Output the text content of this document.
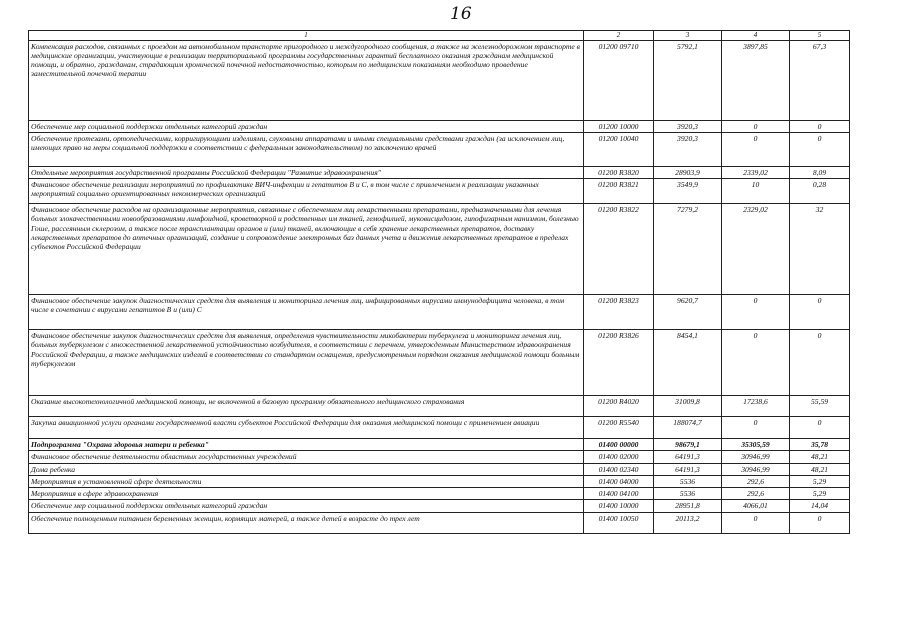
16
1	2	3	4	5
Компенсация расходов, связанных с проездом на автомобильном транспорте пригородного и междугородного сообщения, а также на железнодорожном транспорте в медицинские организации, участвующие в реализации территориальной программы государственных гарантий бесплатного оказания гражданам медицинской помощи, и обратно, гражданам, страдающим хронической почечной недостаточностью, которым по медицинским показаниям необходимо проведение заместительной почечной терапии	01200 09710	5792,1	3897,85	67,3
Обеспечение мер социальной поддержки отдельных категорий граждан	01200 10000	3920,3	0	0
Обеспечение протезами, ортопедическими, корригирующими изделиями, слуховыми аппаратами и иными специальными средствами граждан (за исключением лиц, имеющих право на меры социальной поддержки в соответствии с федеральным законодательством) по заключению врачей	01200 10040	3920,3	0	0
Отдельные мероприятия государственной программы Российской Федерации "Развитие здравоохранения"	01200 R3820	28903,9	2339,02	8,09
Финансовое обеспечение реализации мероприятий по профилактике ВИЧ-инфекции и гепатитов В и С, в том числе с привлечением к реализации указанных мероприятий социально ориентированных некоммерческих организаций	01200 R3821	3549,9	10	0,28
Финансовое обеспечение расходов на организационные мероприятия, связанные с обеспечением лиц лекарственными препаратами, предназначенными для лечения больных злокачественными новообразованиями лимфоидной, кроветворной и родственных им тканей, гемофилией, муковисцидозом, гипофизарным нанизмом, болезнью Гоше, рассеянным склерозом, а также после трансплантации органов и (или) тканей, включающие в себя хранение лекарственных препаратов, доставку лекарственных препаратов до аптечных организаций, создание и сопровождение электронных баз данных учета и движения лекарственных препаратов в пределах субъектов Российской Федерации	01200 R3822	7279,2	2329,02	32
Финансовое обеспечение закупок диагностических средств для выявления и мониторинга лечения лиц, инфицированных вирусами иммунодефицита человека, в том числе в сочетании с вирусами гепатитов В и (или) С	01200 R3823	9620,7	0	0
Финансовое обеспечение закупок диагностических средств для выявления, определения чувствительности микобактерии туберкулеза и мониторинга лечения лиц, больных туберкулезом с множественной лекарственной устойчивостью возбудителя, в соответствии с перечнем, утвержденным Министерством здравоохранения Российской Федерации, а также медицинских изделий в соответствии со стандартом оснащения, предусмотренным порядком оказания медицинской помощи больным туберкулезом	01200 R3826	8454,1	0	0
Оказание высокотехнологичной медицинской помощи, не включенной в базовую программу обязательного медицинского страхования	01200 R4020	31009,8	17238,6	55,59
Закупка авиационной услуги органами государственной власти субъектов Российской Федерации для оказания медицинской помощи с применением авиации	01200 R5540	188074,7	0	0
Подпрограмма "Охрана здоровья матери и ребенка"	01400 00000	98679,1	35305,59	35,78
Финансовое обеспечение деятельности областных государственных учреждений	01400 02000	64191,3	30946,99	48,21
Дома ребенка	01400 02340	64191,3	30946,99	48,21
Мероприятия в установленной сфере деятельности	01400 04000	5536	292,6	5,29
Мероприятия в сфере здравоохранения	01400 04100	5536	292,6	5,29
Обеспечение мер социальной поддержки отдельных категорий граждан	01400 10000	28951,8	4066,01	14,04
Обеспечение полноценным питанием беременных женщин, кормящих матерей, а также детей в возрасте до трех лет	01400 10050	20113,2	0	0
